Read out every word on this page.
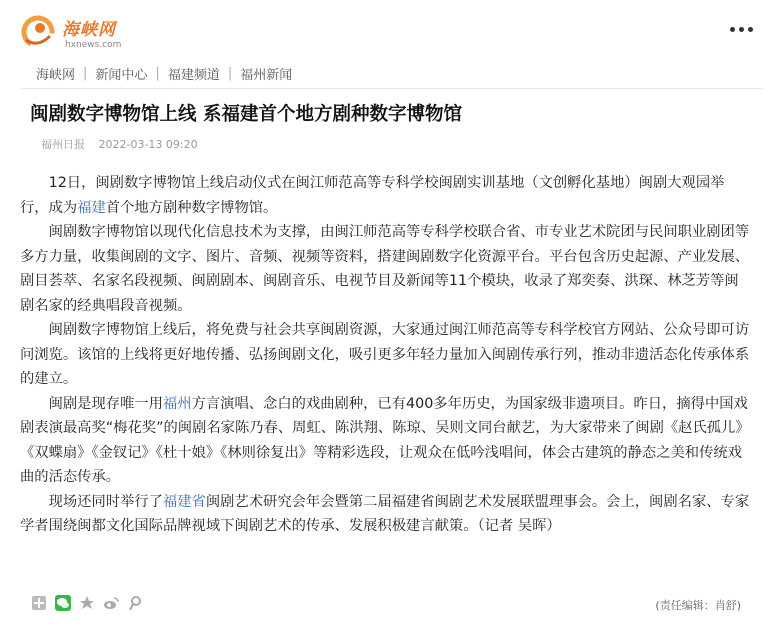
海峡网
hxnews.com
海峡网 | 新闻中心 | 福建频道 | 福州新闻
闽剧数字博物馆上线 系福建首个地方剧种数字博物馆
福州日报 2022-03-13 09:20

12日，闽剧数字博物馆上线启动仪式在闽江师范高等专科学校闽剧实训基地（文创孵化基地）闽剧大观园举行，成为福建首个地方剧种数字博物馆。

闽剧数字博物馆以现代化信息技术为支撑，由闽江师范高等专科学校联合省、市专业艺术院团与民间职业剧团等多方力量，收集闽剧的文字、图片、音频、视频等资料，搭建闽剧数字化资源平台。平台包含历史起源、产业发展、剧目荟萃、名家名段视频、闽剧剧本、闽剧音乐、电视节目及新闻等11个模块，收录了郑奕奏、洪琛、林芝芳等闽剧名家的经典唱段音视频。

闽剧数字博物馆上线后，将免费与社会共享闽剧资源，大家通过闽江师范高等专科学校官方网站、公众号即可访问浏览。该馆的上线将更好地传播、弘扬闽剧文化，吸引更多年轻力量加入闽剧传承行列，推动非遗活态化传承体系的建立。

闽剧是现存唯一用福州方言演唱、念白的戏曲剧种，已有400多年历史，为国家级非遗项目。昨日，摘得中国戏剧表演最高奖“梅花奖”的闽剧名家陈乃春、周虹、陈洪翔、陈琼、吴则文同台献艺，为大家带来了闽剧《赵氏孤儿》《双蝶扇》《金钗记》《杜十娘》《林则徐复出》等精彩选段，让观众在低吟浅唱间，体会古建筑的静态之美和传统戏曲的活态传承。

现场还同时举行了福建省闽剧艺术研究会年会暨第二届福建省闽剧艺术发展联盟理事会。会上，闽剧名家、专家学者围绕闽都文化国际品牌视域下闽剧艺术的传承、发展积极建言献策。（记者 吴晖）

(责任编辑：肖舒)
